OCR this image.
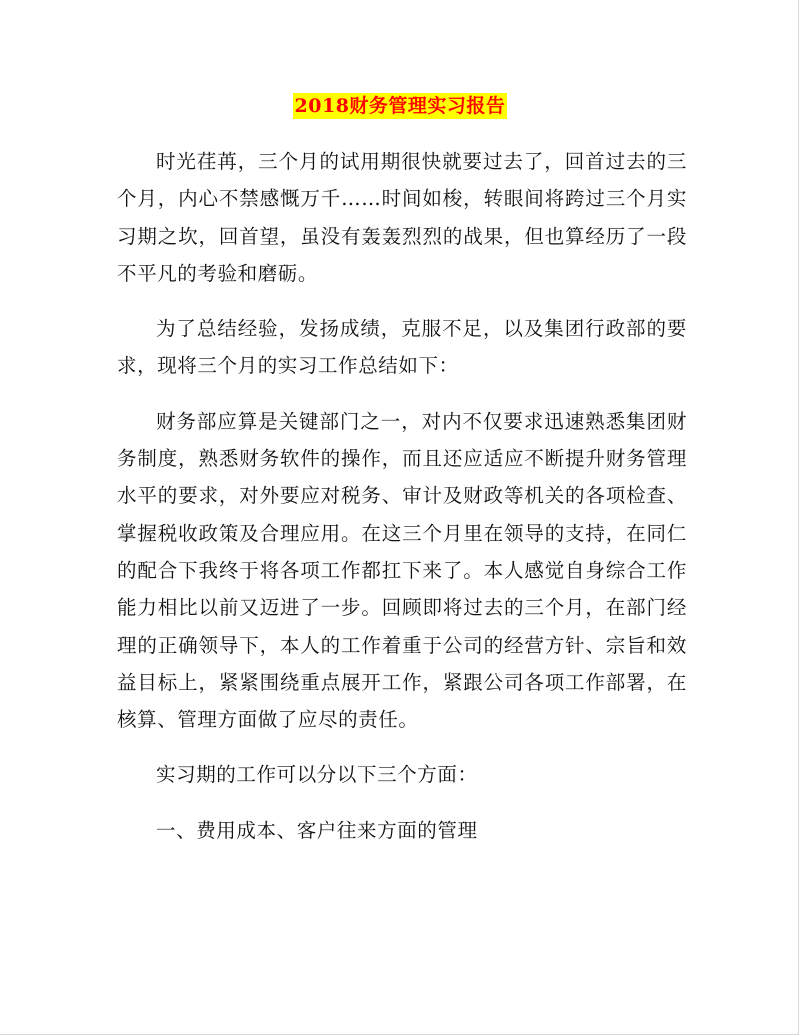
2018财务管理实习报告

时光荏苒，三个月的试用期很快就要过去了，回首过去的三个月，内心不禁感慨万千……时间如梭，转眼间将跨过三个月实习期之坎，回首望，虽没有轰轰烈烈的战果，但也算经历了一段不平凡的考验和磨砺。

为了总结经验，发扬成绩，克服不足，以及集团行政部的要求，现将三个月的实习工作总结如下：

财务部应算是关键部门之一，对内不仅要求迅速熟悉集团财务制度，熟悉财务软件的操作，而且还应适应不断提升财务管理水平的要求，对外要应对税务、审计及财政等机关的各项检查、掌握税收政策及合理应用。在这三个月里在领导的支持，在同仁的配合下我终于将各项工作都扛下来了。本人感觉自身综合工作能力相比以前又迈进了一步。回顾即将过去的三个月，在部门经理的正确领导下，本人的工作着重于公司的经营方针、宗旨和效益目标上，紧紧围绕重点展开工作，紧跟公司各项工作部署，在核算、管理方面做了应尽的责任。

实习期的工作可以分以下三个方面：

一、费用成本、客户往来方面的管理
